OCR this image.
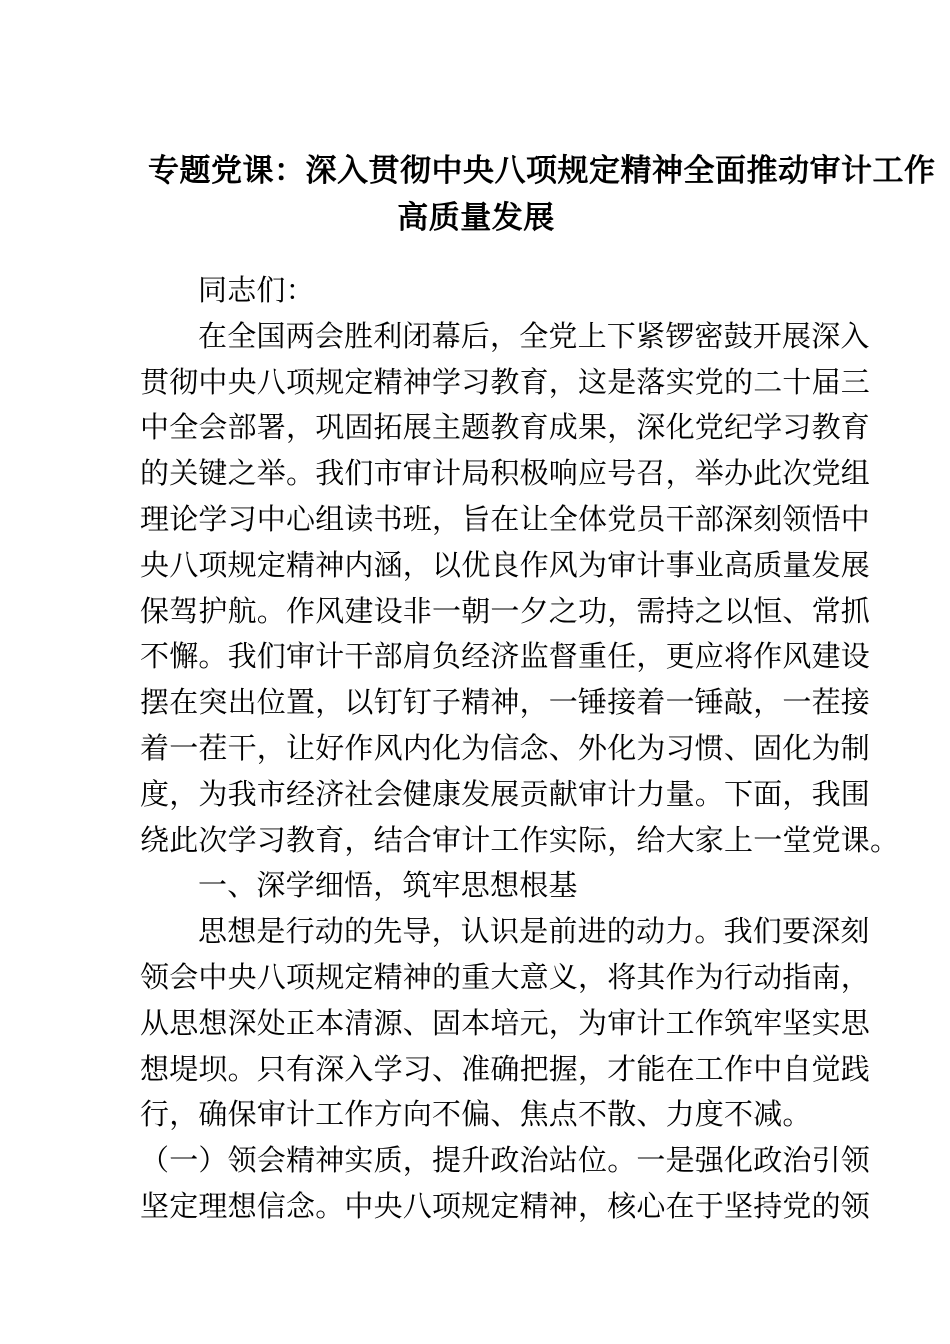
专题党课：深入贯彻中央八项规定精神全面推动审计工作
高质量发展

同志们：

在全国两会胜利闭幕后，全党上下紧锣密鼓开展深入
贯彻中央八项规定精神学习教育，这是落实党的二十届三
中全会部署，巩固拓展主题教育成果，深化党纪学习教育
的关键之举。我们市审计局积极响应号召，举办此次党组
理论学习中心组读书班，旨在让全体党员干部深刻领悟中
央八项规定精神内涵，以优良作风为审计事业高质量发展
保驾护航。作风建设非一朝一夕之功，需持之以恒、常抓
不懈。我们审计干部肩负经济监督重任，更应将作风建设
摆在突出位置，以钉钉子精神，一锤接着一锤敲，一茬接
着一茬干，让好作风内化为信念、外化为习惯、固化为制
度，为我市经济社会健康发展贡献审计力量。下面，我围
绕此次学习教育，结合审计工作实际，给大家上一堂党课。

一、深学细悟，筑牢思想根基

思想是行动的先导，认识是前进的动力。我们要深刻
领会中央八项规定精神的重大意义，将其作为行动指南，
从思想深处正本清源、固本培元，为审计工作筑牢坚实思
想堤坝。只有深入学习、准确把握，才能在工作中自觉践
行，确保审计工作方向不偏、焦点不散、力度不减。

（一）领会精神实质，提升政治站位。一是强化政治引领
坚定理想信念。中央八项规定精神，核心在于坚持党的领
